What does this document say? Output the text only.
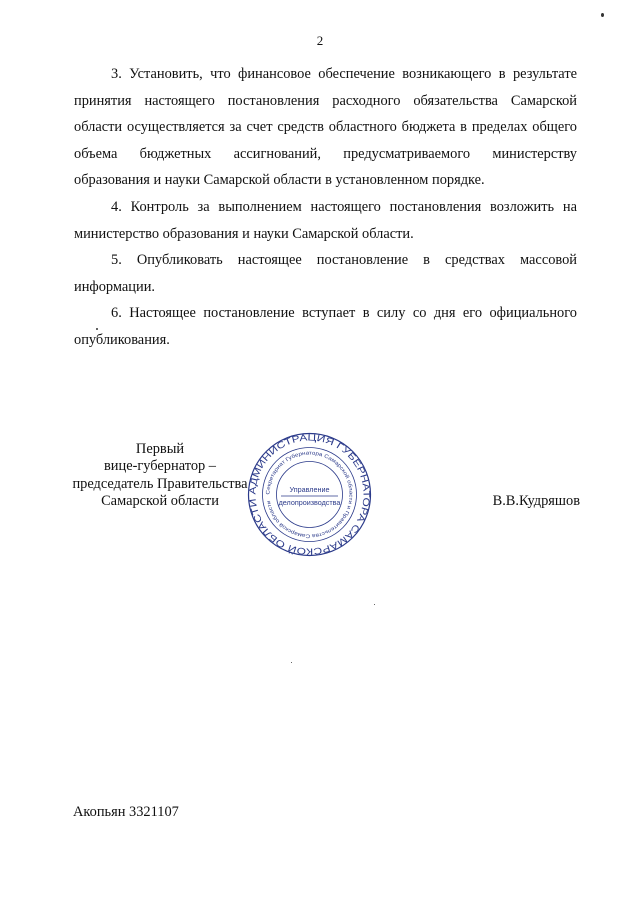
2

3. Установить, что финансовое обеспечение возникающего в результате принятия настоящего постановления расходного обязательства Самарской области осуществляется за счет средств областного бюджета в пределах общего объема бюджетных ассигнований, предусматриваемого министерству образования и науки Самарской области в установленном порядке.

4. Контроль за выполнением настоящего постановления возложить на министерство образования и науки Самарской области.

5. Опубликовать настоящее постановление в средствах массовой информации.

6. Настоящее постановление вступает в силу со дня его официального опубликования.

Первый
вице-губернатор –
председатель Правительства
Самарской области
АДМИНИСТРАЦИЯ ГУБЕРНАТОРА САМАРСКОЙ ОБЛАСТИ
Секретариат Губернатора Самарской области и Правительства Самарской области
Управление
делопроизводства	В.В.Кудряшов
Акопьян 3321107
